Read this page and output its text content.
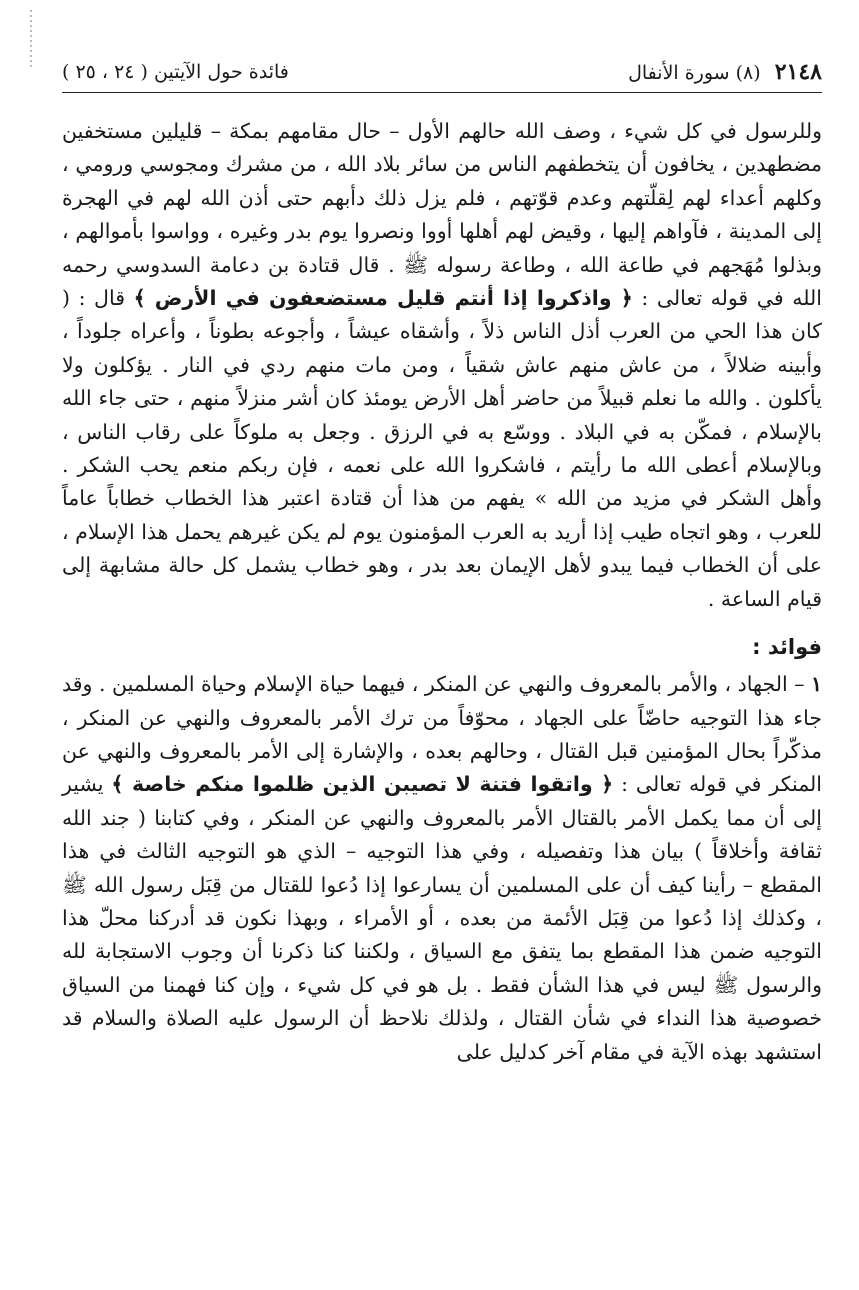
٢١٤٨ (٨) سورة الأنفال
فائدة حول الآيتين ( ٢٤ ، ٢٥ )

وللرسول في كل شيء ، وصف الله حالهم الأول – حال مقامهم بمكة – قليلين مستخفين مضطهدين ، يخافون أن يتخطفهم الناس من سائر بلاد الله ، من مشرك ومجوسي ورومي ، وكلهم أعداء لهم لِقلّتهم وعدم قوّتهم ، فلم يزل ذلك دأبهم حتى أذن الله لهم في الهجرة إلى المدينة ، فآواهم إليها ، وقيض لهم أهلها أووا ونصروا يوم بدر وغيره ، وواسوا بأموالهم ، وبذلوا مُهَجهم في طاعة الله ، وطاعة رسوله ﷺ . قال قتادة بن دعامة السدوسي رحمه الله في قوله تعالى : ﴿ واذكروا إذا أنتم قليل مستضعفون في الأرض ﴾ قال : ( كان هذا الحي من العرب أذل الناس ذلاً ، وأشقاه عيشاً ، وأجوعه بطوناً ، وأعراه جلوداً ، وأبينه ضلالاً ، من عاش منهم عاش شقياً ، ومن مات منهم ردي في النار . يؤكلون ولا يأكلون . والله ما نعلم قبيلاً من حاضر أهل الأرض يومئذ كان أشر منزلاً منهم ، حتى جاء الله بالإسلام ، فمكّن به في البلاد . ووسّع به في الرزق . وجعل به ملوكاً على رقاب الناس ، وبالإسلام أعطى الله ما رأيتم ، فاشكروا الله على نعمه ، فإن ربكم منعم يحب الشكر . وأهل الشكر في مزيد من الله » يفهم من هذا أن قتادة اعتبر هذا الخطاب خطاباً عاماً للعرب ، وهو اتجاه طيب إذا أريد به العرب المؤمنون يوم لم يكن غيرهم يحمل هذا الإسلام ، على أن الخطاب فيما يبدو لأهل الإيمان بعد بدر ، وهو خطاب يشمل كل حالة مشابهة إلى قيام الساعة .

فوائد :

١ – الجهاد ، والأمر بالمعروف والنهي عن المنكر ، فيهما حياة الإسلام وحياة المسلمين . وقد جاء هذا التوجيه حاضّاً على الجهاد ، محوّفاً من ترك الأمر بالمعروف والنهي عن المنكر ، مذكّراً بحال المؤمنين قبل القتال ، وحالهم بعده ، والإشارة إلى الأمر بالمعروف والنهي عن المنكر في قوله تعالى : ﴿ واتقوا فتنة لا تصيبن الذين ظلموا منكم خاصة ﴾ يشير إلى أن مما يكمل الأمر بالقتال الأمر بالمعروف والنهي عن المنكر ، وفي كتابنا ( جند الله ثقافة وأخلاقاً ) بيان هذا وتفصيله ، وفي هذا التوجيه – الذي هو التوجيه الثالث في هذا المقطع – رأينا كيف أن على المسلمين أن يسارعوا إذا دُعوا للقتال من قِبَل رسول الله ﷺ ، وكذلك إذا دُعوا من قِبَل الأئمة من بعده ، أو الأمراء ، وبهذا نكون قد أدركنا محلّ هذا التوجيه ضمن هذا المقطع بما يتفق مع السياق ، ولكننا كنا ذكرنا أن وجوب الاستجابة لله والرسول ﷺ ليس في هذا الشأن فقط . بل هو في كل شيء ، وإن كنا فهمنا من السياق خصوصية هذا النداء في شأن القتال ، ولذلك نلاحظ أن الرسول عليه الصلاة والسلام قد استشهد بهذه الآية في مقام آخر كدليل على
